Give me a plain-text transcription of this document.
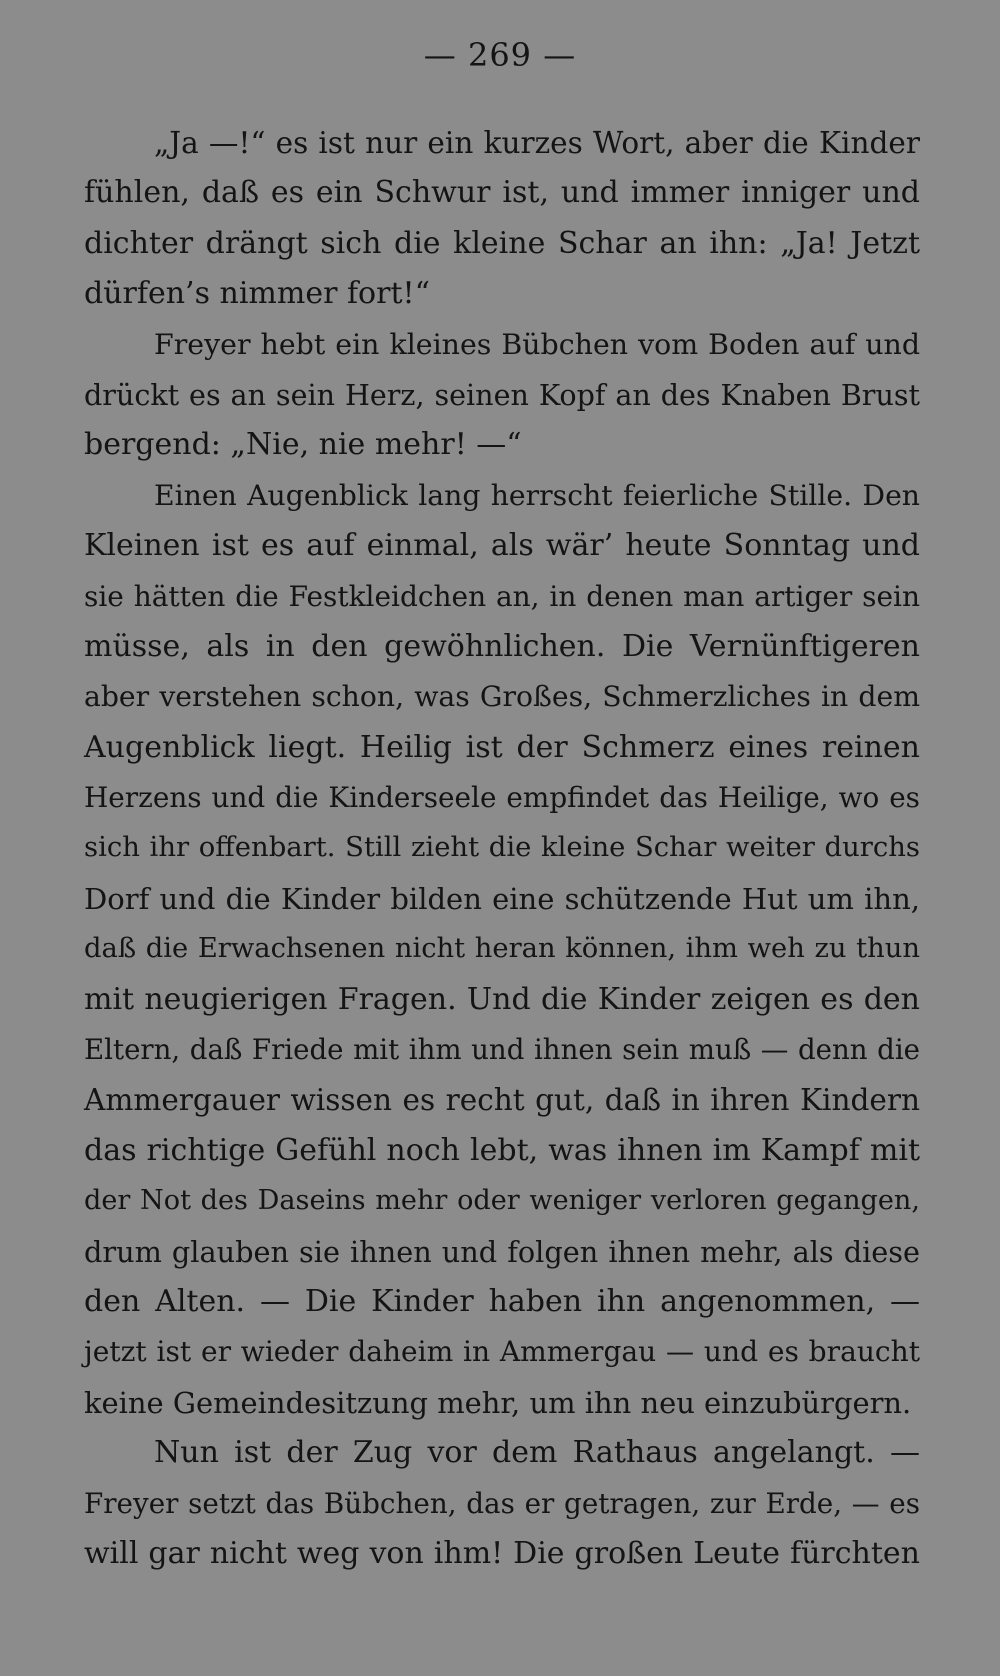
— 269 —
„Ja —!“ es ist nur ein kurzes Wort, aber die Kinder
fühlen, daß es ein Schwur ist, und immer inniger und
dichter drängt sich die kleine Schar an ihn: „Ja! Jetzt
dürfen’s nimmer fort!“
Freyer hebt ein kleines Bübchen vom Boden auf und
drückt es an sein Herz, seinen Kopf an des Knaben Brust
bergend: „Nie, nie mehr! —“
Einen Augenblick lang herrscht feierliche Stille. Den
Kleinen ist es auf einmal, als wär’ heute Sonntag und
sie hätten die Festkleidchen an, in denen man artiger sein
müsse, als in den gewöhnlichen. Die Vernünftigeren
aber verstehen schon, was Großes, Schmerzliches in dem
Augenblick liegt. Heilig ist der Schmerz eines reinen
Herzens und die Kinderseele empfindet das Heilige, wo es
sich ihr offenbart. Still zieht die kleine Schar weiter durchs
Dorf und die Kinder bilden eine schützende Hut um ihn,
daß die Erwachsenen nicht heran können, ihm weh zu thun
mit neugierigen Fragen. Und die Kinder zeigen es den
Eltern, daß Friede mit ihm und ihnen sein muß — denn die
Ammergauer wissen es recht gut, daß in ihren Kindern
das richtige Gefühl noch lebt, was ihnen im Kampf mit
der Not des Daseins mehr oder weniger verloren gegangen,
drum glauben sie ihnen und folgen ihnen mehr, als diese
den Alten. — Die Kinder haben ihn angenommen, —
jetzt ist er wieder daheim in Ammergau — und es braucht
keine Gemeindesitzung mehr, um ihn neu einzubürgern.
Nun ist der Zug vor dem Rathaus angelangt. —
Freyer setzt das Bübchen, das er getragen, zur Erde, — es
will gar nicht weg von ihm! Die großen Leute fürchten
